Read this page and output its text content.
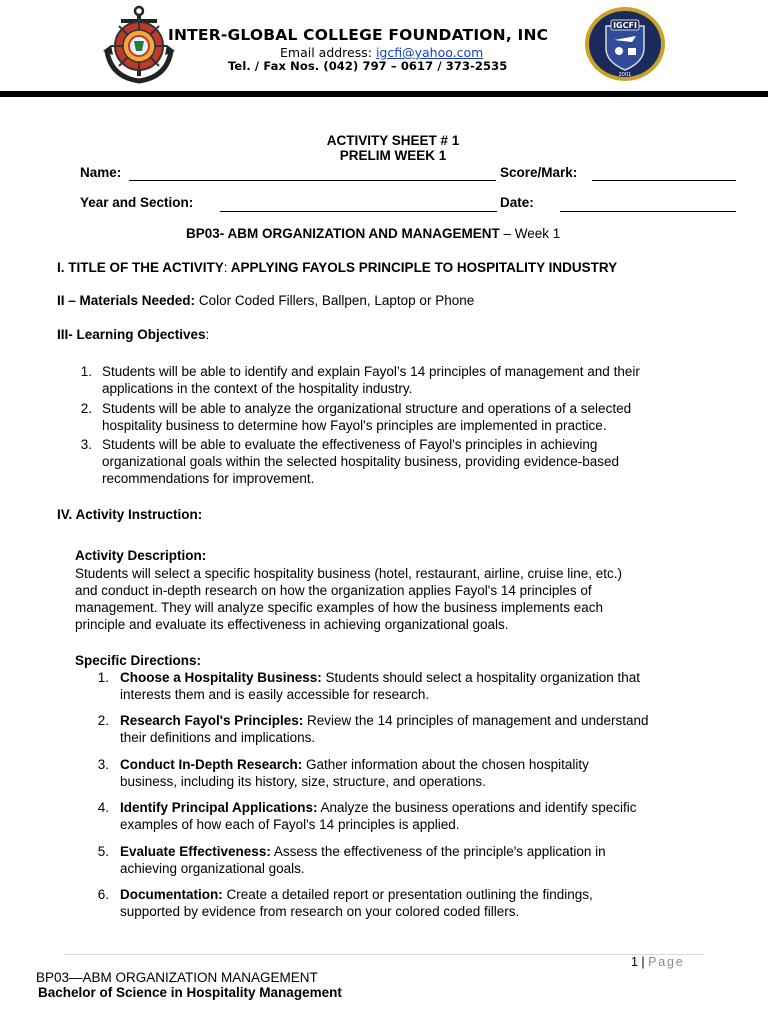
INTER-GLOBAL COLLEGE FOUNDATION, INC
Email address: igcfi@yahoo.com
Tel. / Fax Nos. (042) 797 – 0617 / 373-2535
IGCFI
2001
ACTIVITY SHEET # 1
PRELIM WEEK 1
Name:	Score/Mark:
Year and Section:	Date:
BP03- ABM ORGANIZATION AND MANAGEMENT – Week 1
I. TITLE OF THE ACTIVITY: APPLYING FAYOLS PRINCIPLE TO HOSPITALITY INDUSTRY
II – Materials Needed: Color Coded Fillers, Ballpen, Laptop or Phone
III- Learning Objectives:
1. Students will be able to identify and explain Fayol’s 14 principles of management and their
applications in the context of the hospitality industry.
2. Students will be able to analyze the organizational structure and operations of a selected
hospitality business to determine how Fayol's principles are implemented in practice.
3. Students will be able to evaluate the effectiveness of Fayol's principles in achieving
organizational goals within the selected hospitality business, providing evidence-based
recommendations for improvement.
IV. Activity Instruction:
Activity Description:
Students will select a specific hospitality business (hotel, restaurant, airline, cruise line, etc.)
and conduct in-depth research on how the organization applies Fayol's 14 principles of
management. They will analyze specific examples of how the business implements each
principle and evaluate its effectiveness in achieving organizational goals.
Specific Directions:
1. Choose a Hospitality Business: Students should select a hospitality organization that
interests them and is easily accessible for research.
2. Research Fayol's Principles: Review the 14 principles of management and understand
their definitions and implications.
3. Conduct In-Depth Research: Gather information about the chosen hospitality
business, including its history, size, structure, and operations.
4. Identify Principal Applications: Analyze the business operations and identify specific
examples of how each of Fayol's 14 principles is applied.
5. Evaluate Effectiveness: Assess the effectiveness of the principle's application in
achieving organizational goals.
6. Documentation: Create a detailed report or presentation outlining the findings,
supported by evidence from research on your colored coded fillers.
1 | Page
BP03—ABM ORGANIZATION MANAGEMENT
Bachelor of Science in Hospitality Management
